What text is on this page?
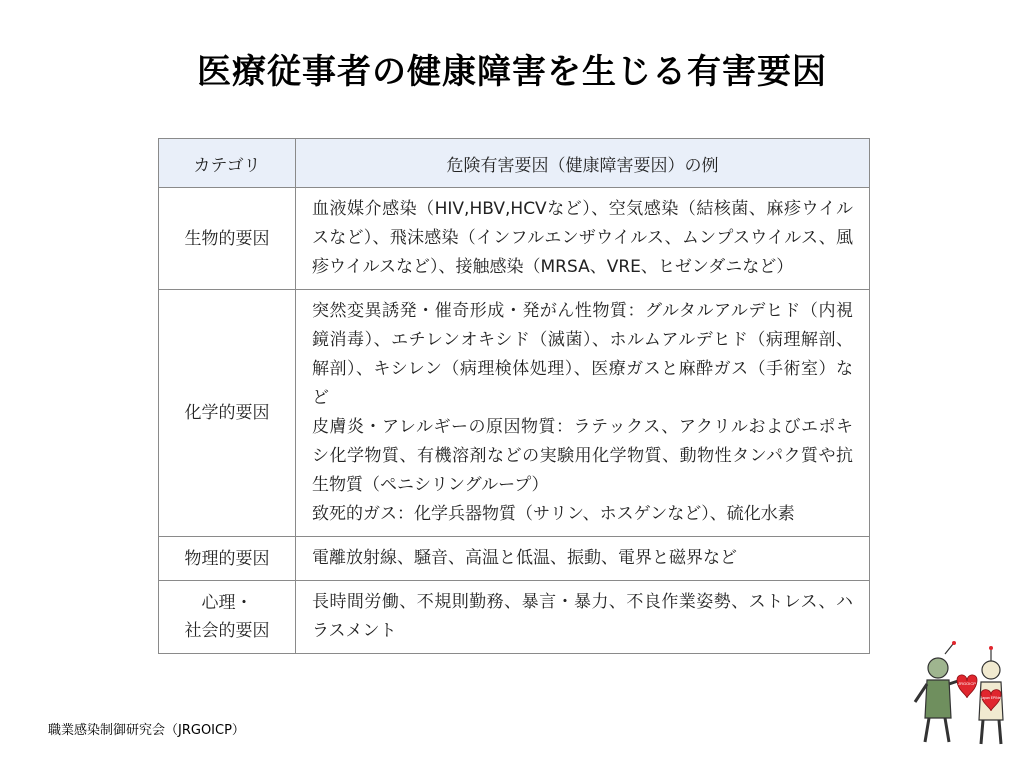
医療従事者の健康障害を生じる有害要因
カテゴリ	危険有害要因（健康障害要因）の例

生物的要因	血液媒介感染（HIV,HBV,HCVなど）、空気感染（結核菌、麻疹ウイルスなど）、飛沫感染（インフルエンザウイルス、ムンプスウイルス、風疹ウイルスなど）、接触感染（MRSA、VRE、ヒゼンダニなど）

化学的要因	突然変異誘発・催奇形成・発がん性物質：グルタルアルデヒド（内視鏡消毒）、エチレンオキシド（滅菌）、ホルムアルデヒド（病理解剖、解剖）、キシレン（病理検体処理）、医療ガスと麻酔ガス（手術室）など
皮膚炎・アレルギーの原因物質：ラテックス、アクリルおよびエポキシ化学物質、有機溶剤などの実験用化学物質、動物性タンパク質や抗生物質（ペニシリングループ）
致死的ガス：化学兵器物質（サリン、ホスゲンなど）、硫化水素

物理的要因	電離放射線、騒音、高温と低温、振動、電界と磁界など

心理・
社会的要因	長時間労働、不規則勤務、暴言・暴力、不良作業姿勢、ストレス、ハラスメント
職業感染制御研究会（JRGOICP）
JRGOICP
Japan EPINet
